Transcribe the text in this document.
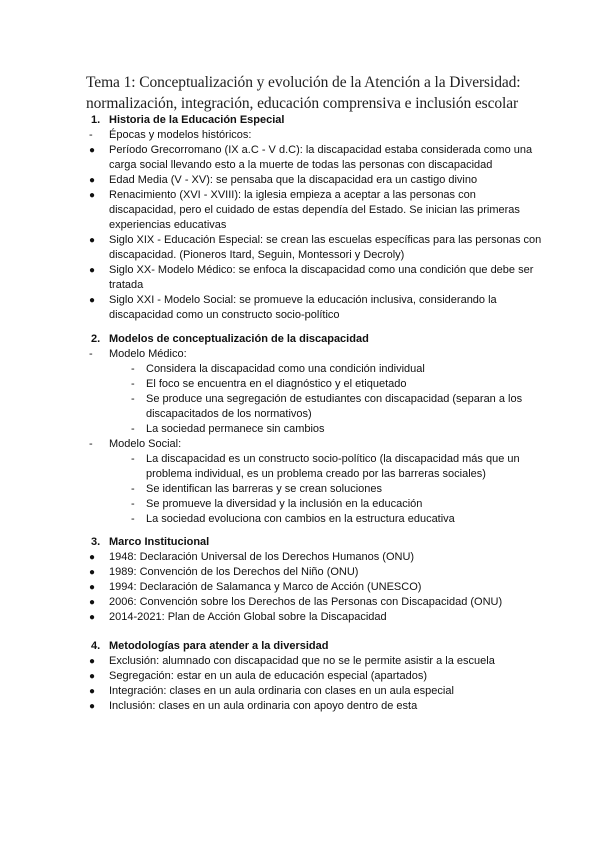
Tema 1: Conceptualización y evolución de la Atención a la Diversidad:
normalización, integración, educación comprensiva e inclusión escolar
1. Historia de la Educación Especial
- Épocas y modelos históricos:
● Período Grecorromano (IX a.C - V d.C): la discapacidad estaba considerada como una carga social llevando esto a la muerte de todas las personas con discapacidad
● Edad Media (V - XV): se pensaba que la discapacidad era un castigo divino
● Renacimiento (XVI - XVIII): la iglesia empieza a aceptar a las personas con discapacidad, pero el cuidado de estas dependía del Estado. Se inician las primeras experiencias educativas
● Siglo XIX - Educación Especial: se crean las escuelas específicas para las personas con discapacidad. (Pioneros Itard, Seguin, Montessori y Decroly)
● Siglo XX- Modelo Médico: se enfoca la discapacidad como una condición que debe ser tratada
● Siglo XXI - Modelo Social: se promueve la educación inclusiva, considerando la discapacidad como un constructo socio-político
2. Modelos de conceptualización de la discapacidad
- Modelo Médico:
- Considera la discapacidad como una condición individual
- El foco se encuentra en el diagnóstico y el etiquetado
- Se produce una segregación de estudiantes con discapacidad (separan a los discapacitados de los normativos)
- La sociedad permanece sin cambios
- Modelo Social:
- La discapacidad es un constructo socio-político (la discapacidad más que un problema individual, es un problema creado por las barreras sociales)
- Se identifican las barreras y se crean soluciones
- Se promueve la diversidad y la inclusión en la educación
- La sociedad evoluciona con cambios en la estructura educativa
3. Marco Institucional
● 1948: Declaración Universal de los Derechos Humanos (ONU)
● 1989: Convención de los Derechos del Niño (ONU)
● 1994: Declaración de Salamanca y Marco de Acción (UNESCO)
● 2006: Convención sobre los Derechos de las Personas con Discapacidad (ONU)
● 2014-2021: Plan de Acción Global sobre la Discapacidad
4. Metodologías para atender a la diversidad
● Exclusión: alumnado con discapacidad que no se le permite asistir a la escuela
● Segregación: estar en un aula de educación especial (apartados)
● Integración: clases en un aula ordinaria con clases en un aula especial
● Inclusión: clases en un aula ordinaria con apoyo dentro de esta
